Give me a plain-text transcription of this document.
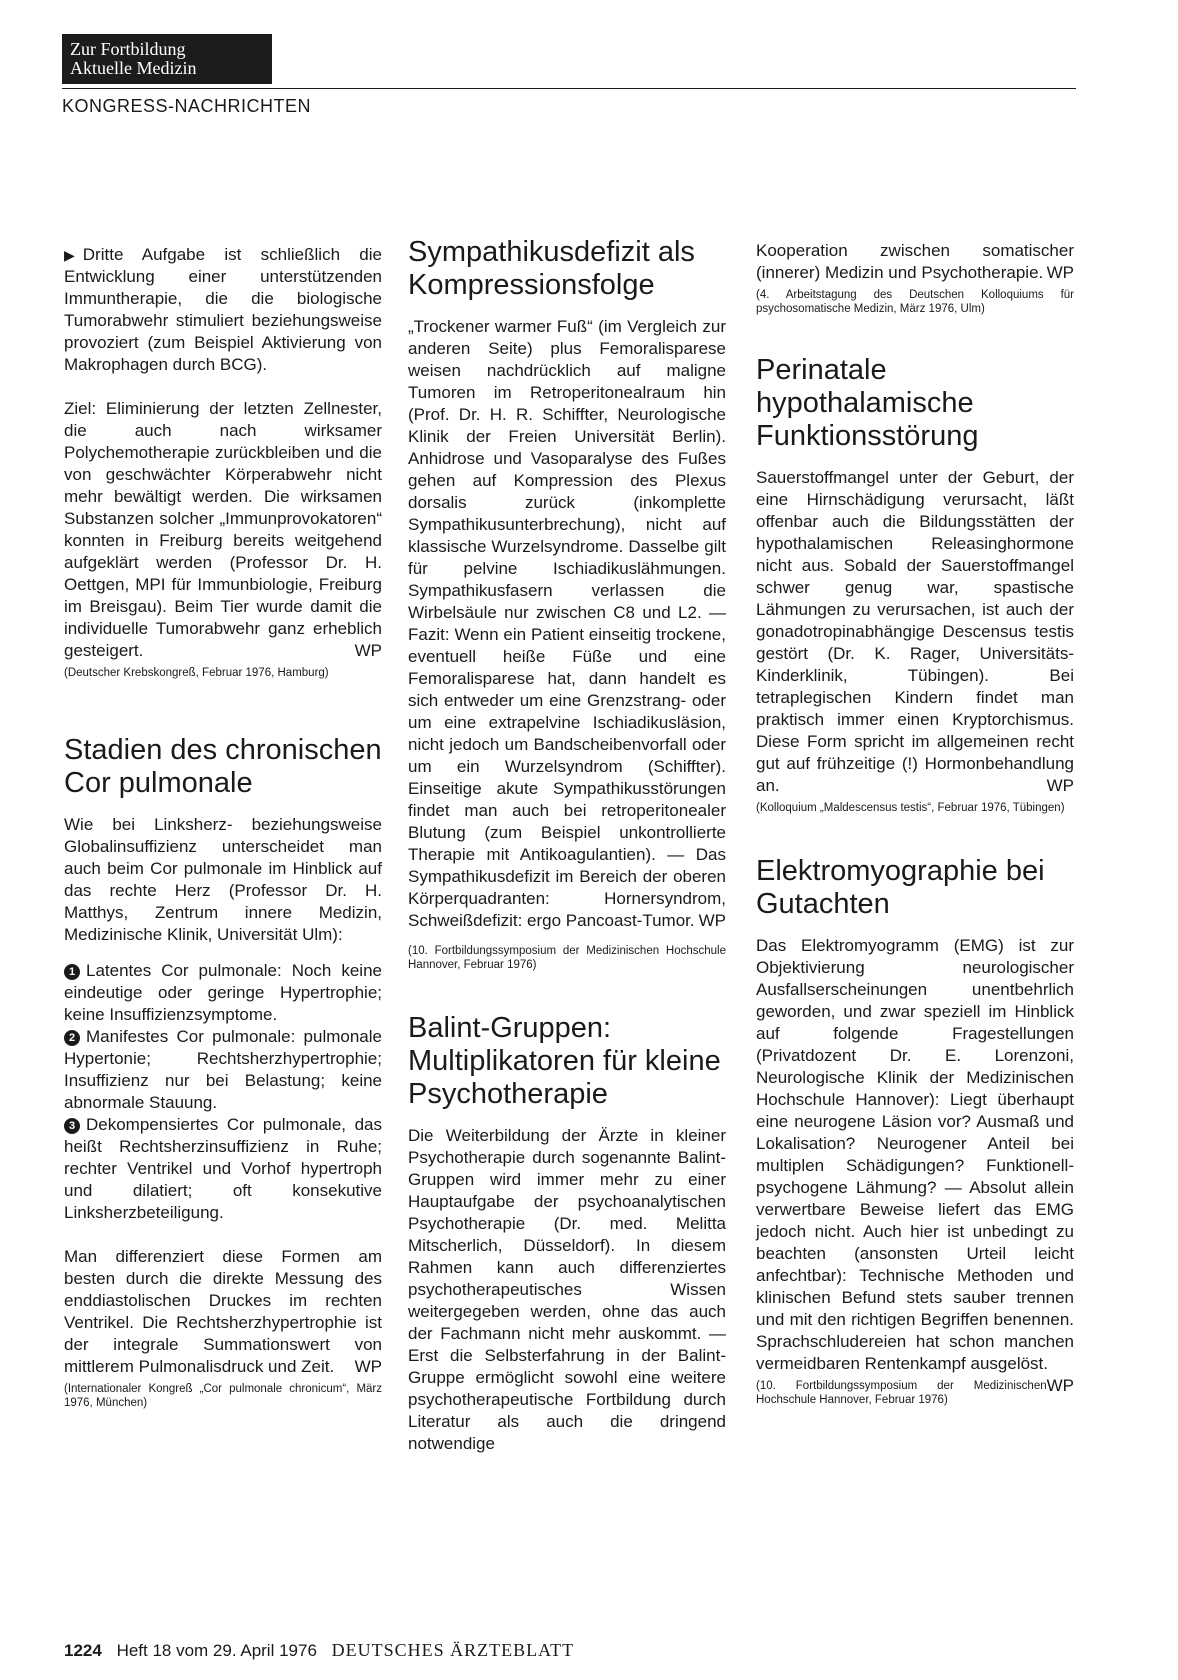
Zur Fortbildung
Aktuelle Medizin
KONGRESS-NACHRICHTEN

▶ Dritte Aufgabe ist schließlich die Entwicklung einer unterstützenden Immuntherapie, die die biologische Tumorabwehr stimuliert beziehungsweise provoziert (zum Beispiel Aktivierung von Makrophagen durch BCG).

Ziel: Eliminierung der letzten Zellnester, die auch nach wirksamer Polychemotherapie zurückbleiben und die von geschwächter Körperabwehr nicht mehr bewältigt werden. Die wirksamen Substanzen solcher „Immunprovokatoren“ konnten in Freiburg bereits weitgehend aufgeklärt werden (Professor Dr. H. Oettgen, MPI für Immunbiologie, Freiburg im Breisgau). Beim Tier wurde damit die individuelle Tumorabwehr ganz erheblich gesteigert.	WP

(Deutscher Krebskongreß, Februar 1976, Hamburg)

Stadien des chronischen Cor pulmonale

Wie bei Linksherz- beziehungsweise Globalinsuffizienz unterscheidet man auch beim Cor pulmonale im Hinblick auf das rechte Herz (Professor Dr. H. Matthys, Zentrum innere Medizin, Medizinische Klinik, Universität Ulm):

1 Latentes Cor pulmonale: Noch keine eindeutige oder geringe Hypertrophie; keine Insuffizienzsymptome.

2 Manifestes Cor pulmonale: pulmonale Hypertonie; Rechtsherzhypertrophie; Insuffizienz nur bei Belastung; keine abnormale Stauung.

3 Dekompensiertes Cor pulmonale, das heißt Rechtsherzinsuffizienz in Ruhe; rechter Ventrikel und Vorhof hypertroph und dilatiert; oft konsekutive Linksherzbeteiligung.

Man differenziert diese Formen am besten durch die direkte Messung des enddiastolischen Druckes im rechten Ventrikel. Die Rechtsherzhypertrophie ist der integrale Summationswert von mittlerem Pulmonalisdruck und Zeit. WP

(Internationaler Kongreß „Cor pulmonale chronicum“, März 1976, München)

Sympathikusdefizit als Kompressionsfolge

„Trockener warmer Fuß“ (im Vergleich zur anderen Seite) plus Femoralisparese weisen nachdrücklich auf maligne Tumoren im Retroperitonealraum hin (Prof. Dr. H. R. Schiffter, Neurologische Klinik der Freien Universität Berlin). Anhidrose und Vasoparalyse des Fußes gehen auf Kompression des Plexus dorsalis zurück (inkomplette Sympathikusunterbrechung), nicht auf klassische Wurzelsyndrome. Dasselbe gilt für pelvine Ischiadikuslähmungen. Sympathikusfasern verlassen die Wirbelsäule nur zwischen C8 und L2. — Fazit: Wenn ein Patient einseitig trockene, eventuell heiße Füße und eine Femoralisparese hat, dann handelt es sich entweder um eine Grenzstrang- oder um eine extrapelvine Ischiadikusläsion, nicht jedoch um Bandscheibenvorfall oder um ein Wurzelsyndrom (Schiffter). Einseitige akute Sympathikusstörungen findet man auch bei retroperitonealer Blutung (zum Beispiel unkontrollierte Therapie mit Antikoagulantien). — Das Sympathikusdefizit im Bereich der oberen Körperquadranten: Hornersyndrom, Schweißdefizit: ergo Pancoast-Tumor. WP

(10. Fortbildungssymposium der Medizinischen Hochschule Hannover, Februar 1976)

Balint-Gruppen: Multiplikatoren für kleine Psychotherapie

Die Weiterbildung der Ärzte in kleiner Psychotherapie durch sogenannte Balint-Gruppen wird immer mehr zu einer Hauptaufgabe der psychoanalytischen Psychotherapie (Dr. med. Melitta Mitscherlich, Düsseldorf). In diesem Rahmen kann auch differenziertes psychotherapeutisches Wissen weitergegeben werden, ohne das auch der Fachmann nicht mehr auskommt. — Erst die Selbsterfahrung in der Balint-Gruppe ermöglicht sowohl eine weitere psychotherapeutische Fortbildung durch Literatur als auch die dringend notwendige

Kooperation zwischen somatischer (innerer) Medizin und Psychotherapie. WP

(4. Arbeitstagung des Deutschen Kolloquiums für psychosomatische Medizin, März 1976, Ulm)

Perinatale hypothalamische Funktionsstörung

Sauerstoffmangel unter der Geburt, der eine Hirnschädigung verursacht, läßt offenbar auch die Bildungsstätten der hypothalamischen Releasinghormone nicht aus. Sobald der Sauerstoffmangel schwer genug war, spastische Lähmungen zu verursachen, ist auch der gonadotropinabhängige Descensus testis gestört (Dr. K. Rager, Universitäts-Kinderklinik, Tübingen). Bei tetraplegischen Kindern findet man praktisch immer einen Kryptorchismus. Diese Form spricht im allgemeinen recht gut auf frühzeitige (!) Hormonbehandlung an.	WP

(Kolloquium „Maldescensus testis“, Februar 1976, Tübingen)

Elektromyographie bei Gutachten

Das Elektromyogramm (EMG) ist zur Objektivierung neurologischer Ausfallserscheinungen unentbehrlich geworden, und zwar speziell im Hinblick auf folgende Fragestellungen (Privatdozent Dr. E. Lorenzoni, Neurologische Klinik der Medizinischen Hochschule Hannover): Liegt überhaupt eine neurogene Läsion vor? Ausmaß und Lokalisation? Neurogener Anteil bei multiplen Schädigungen? Funktionell-psychogene Lähmung? — Absolut allein verwertbare Beweise liefert das EMG jedoch nicht. Auch hier ist unbedingt zu beachten (ansonsten Urteil leicht anfechtbar): Technische Methoden und klinischen Befund stets sauber trennen und mit den richtigen Begriffen benennen. Sprachschludereien hat schon manchen vermeidbaren Rentenkampf ausgelöst.
WP

(10. Fortbildungssymposium der Medizinischen Hochschule Hannover, Februar 1976)

1224 Heft 18 vom 29. April 1976 DEUTSCHES ÄRZTEBLATT
